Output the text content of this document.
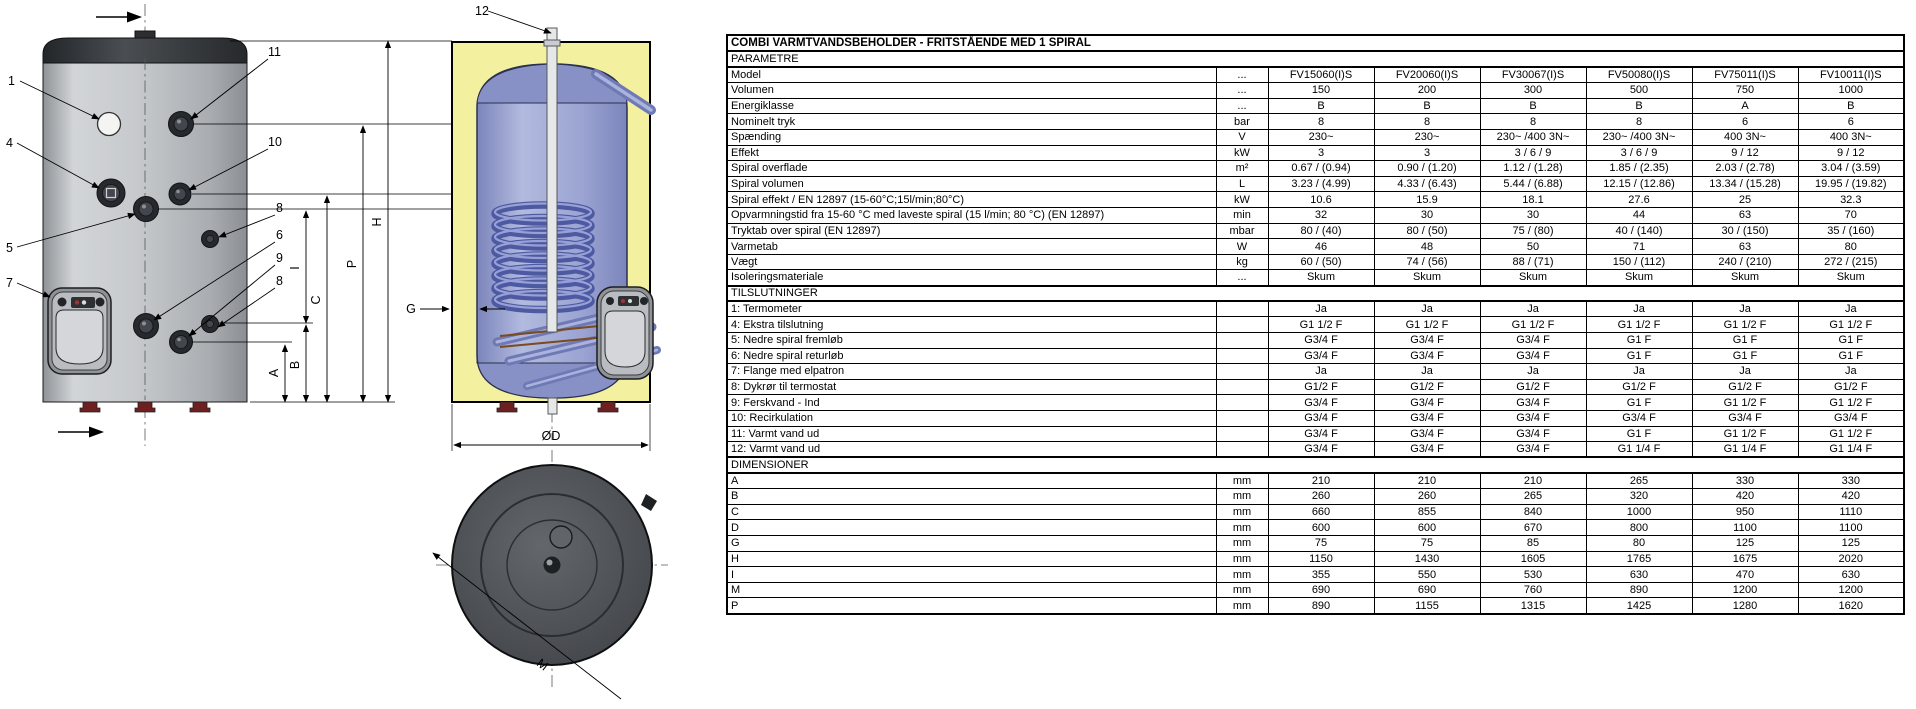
1
4
5
7
11
10
8
6
9
8
A
B
I
C
P
H
12
G
ØD
M
COMBI VARMTVANDSBEHOLDER - FRITSTÅENDE MED 1 SPIRAL							
PARAMETRE							
Model	...	FV15060(I)S	FV20060(I)S	FV30067(I)S	FV50080(I)S	FV75011(I)S	FV10011(I)S
Volumen	...	150	200	300	500	750	1000
Energiklasse	...	B	B	B	B	A	B
Nominelt tryk	bar	8	8	8	8	6	6
Spænding	V	230~	230~	230~ /400 3N~	230~ /400 3N~	400 3N~	400 3N~
Effekt	kW	3	3	3 / 6 / 9	3 / 6 / 9	9 / 12	9 / 12
Spiral overflade	m²	0.67 / (0.94)	0.90 / (1.20)	1.12 / (1.28)	1.85 / (2.35)	2.03 / (2.78)	3.04 / (3.59)
Spiral volumen	L	3.23 / (4.99)	4.33 / (6.43)	5.44 / (6.88)	12.15 / (12.86)	13.34 / (15.28)	19.95 / (19.82)
Spiral effekt / EN 12897 (15-60°C;15l/min;80°C)	kW	10.6	15.9	18.1	27.6	25	32.3
Opvarmningstid fra 15-60 °C med laveste spiral (15 l/min; 80 °C) (EN 12897)	min	32	30	30	44	63	70
Tryktab over spiral (EN 12897)	mbar	80 / (40)	80 / (50)	75 / (80)	40 / (140)	30 / (150)	35 / (160)
Varmetab	W	46	48	50	71	63	80
Vægt	kg	60 / (50)	74 / (56)	88 / (71)	150 / (112)	240 / (210)	272 / (215)
Isoleringsmateriale	...	Skum	Skum	Skum	Skum	Skum	Skum
TILSLUTNINGER							
1: Termometer		Ja	Ja	Ja	Ja	Ja	Ja
4: Ekstra tilslutning		G1 1/2 F	G1 1/2 F	G1 1/2 F	G1 1/2 F	G1 1/2 F	G1 1/2 F
5: Nedre spiral fremløb		G3/4 F	G3/4 F	G3/4 F	G1 F	G1 F	G1 F
6: Nedre spiral returløb		G3/4 F	G3/4 F	G3/4 F	G1 F	G1 F	G1 F
7: Flange med elpatron		Ja	Ja	Ja	Ja	Ja	Ja
8: Dykrør til termostat		G1/2 F	G1/2 F	G1/2 F	G1/2 F	G1/2 F	G1/2 F
9: Ferskvand - Ind		G3/4 F	G3/4 F	G3/4 F	G1 F	G1 1/2 F	G1 1/2 F
10: Recirkulation		G3/4 F	G3/4 F	G3/4 F	G3/4 F	G3/4 F	G3/4 F
11: Varmt vand ud		G3/4 F	G3/4 F	G3/4 F	G1 F	G1 1/2 F	G1 1/2 F
12: Varmt vand ud		G3/4 F	G3/4 F	G3/4 F	G1 1/4 F	G1 1/4 F	G1 1/4 F
DIMENSIONER							
A	mm	210	210	210	265	330	330
B	mm	260	260	265	320	420	420
C	mm	660	855	840	1000	950	1110
D	mm	600	600	670	800	1100	1100
G	mm	75	75	85	80	125	125
H	mm	1150	1430	1605	1765	1675	2020
I	mm	355	550	530	630	470	630
M	mm	690	690	760	890	1200	1200
P	mm	890	1155	1315	1425	1280	1620
